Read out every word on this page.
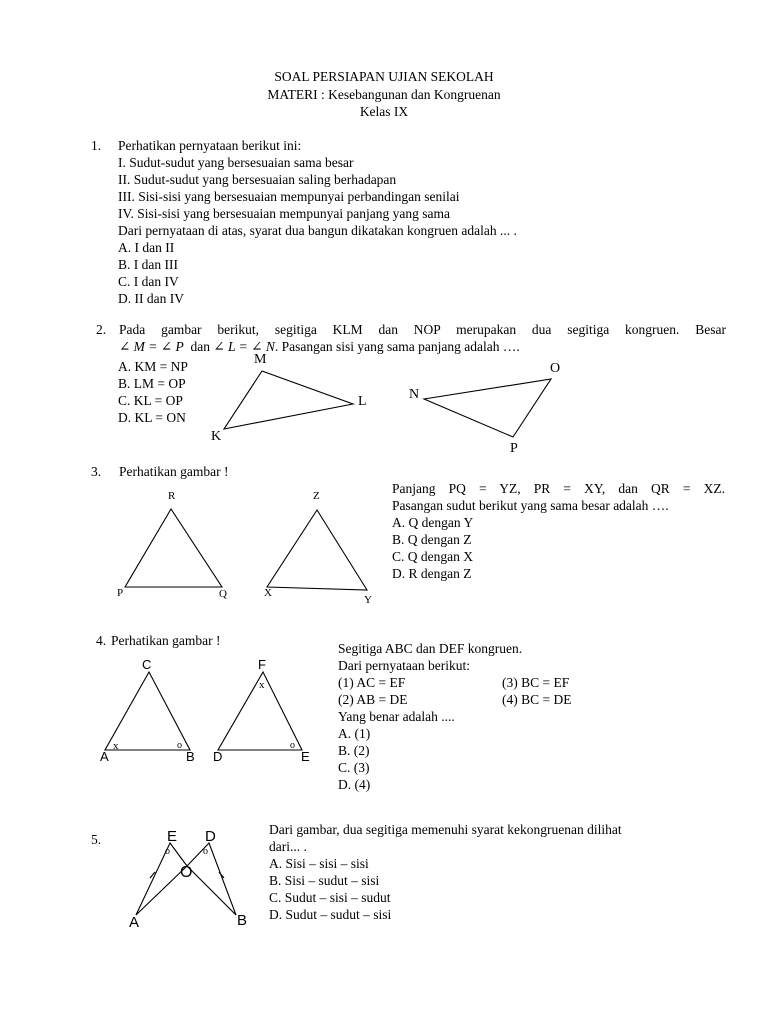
SOAL PERSIAPAN UJIAN SEKOLAH
MATERI : Kesebangunan dan Kongruenan
Kelas IX
1. Perhatikan pernyataan berikut ini:
I. Sudut-sudut yang bersesuaian sama besar
II. Sudut-sudut yang bersesuaian saling berhadapan
III. Sisi-sisi yang bersesuaian mempunyai perbandingan senilai
IV. Sisi-sisi yang bersesuaian mempunyai panjang yang sama
Dari pernyataan di atas, syarat dua bangun dikatakan kongruen adalah ... .
A. I dan II
B. I dan III
C. I dan IV
D. II dan IV
2. Pada gambar berikut, segitiga KLM dan NOP merupakan dua segitiga kongruen. Besar
∠ M = ∠ P dan ∠ L = ∠ N. Pasangan sisi yang sama panjang adalah ….
A. KM = NP
B. LM = OP
C. KL = OP
D. KL = ON
M
L
K
O
N
P
3. Perhatikan gambar !
R
P	Q
Z
X
Y
Panjang PQ = YZ, PR = XY, dan QR = XZ.
Pasangan sudut berikut yang sama besar adalah ….
A. Q dengan Y
B. Q dengan Z
C. Q dengan X
D. R dengan Z
4. Perhatikan gambar !
C
A	B
x	o
F
D	E
x
o
Segitiga ABC dan DEF kongruen.
Dari pernyataan berikut:
(1) AC = EF	(3) BC = EF
(2) AB = DE	(4) BC = DE
Yang benar adalah ....
A. (1)
B. (2)
C. (3)
D. (4)
5.	E D
O
A	B
o	o
Dari gambar, dua segitiga memenuhi syarat kekongruenan dilihat
dari... .
A. Sisi – sisi – sisi
B. Sisi – sudut – sisi
C. Sudut – sisi – sudut
D. Sudut – sudut – sisi
